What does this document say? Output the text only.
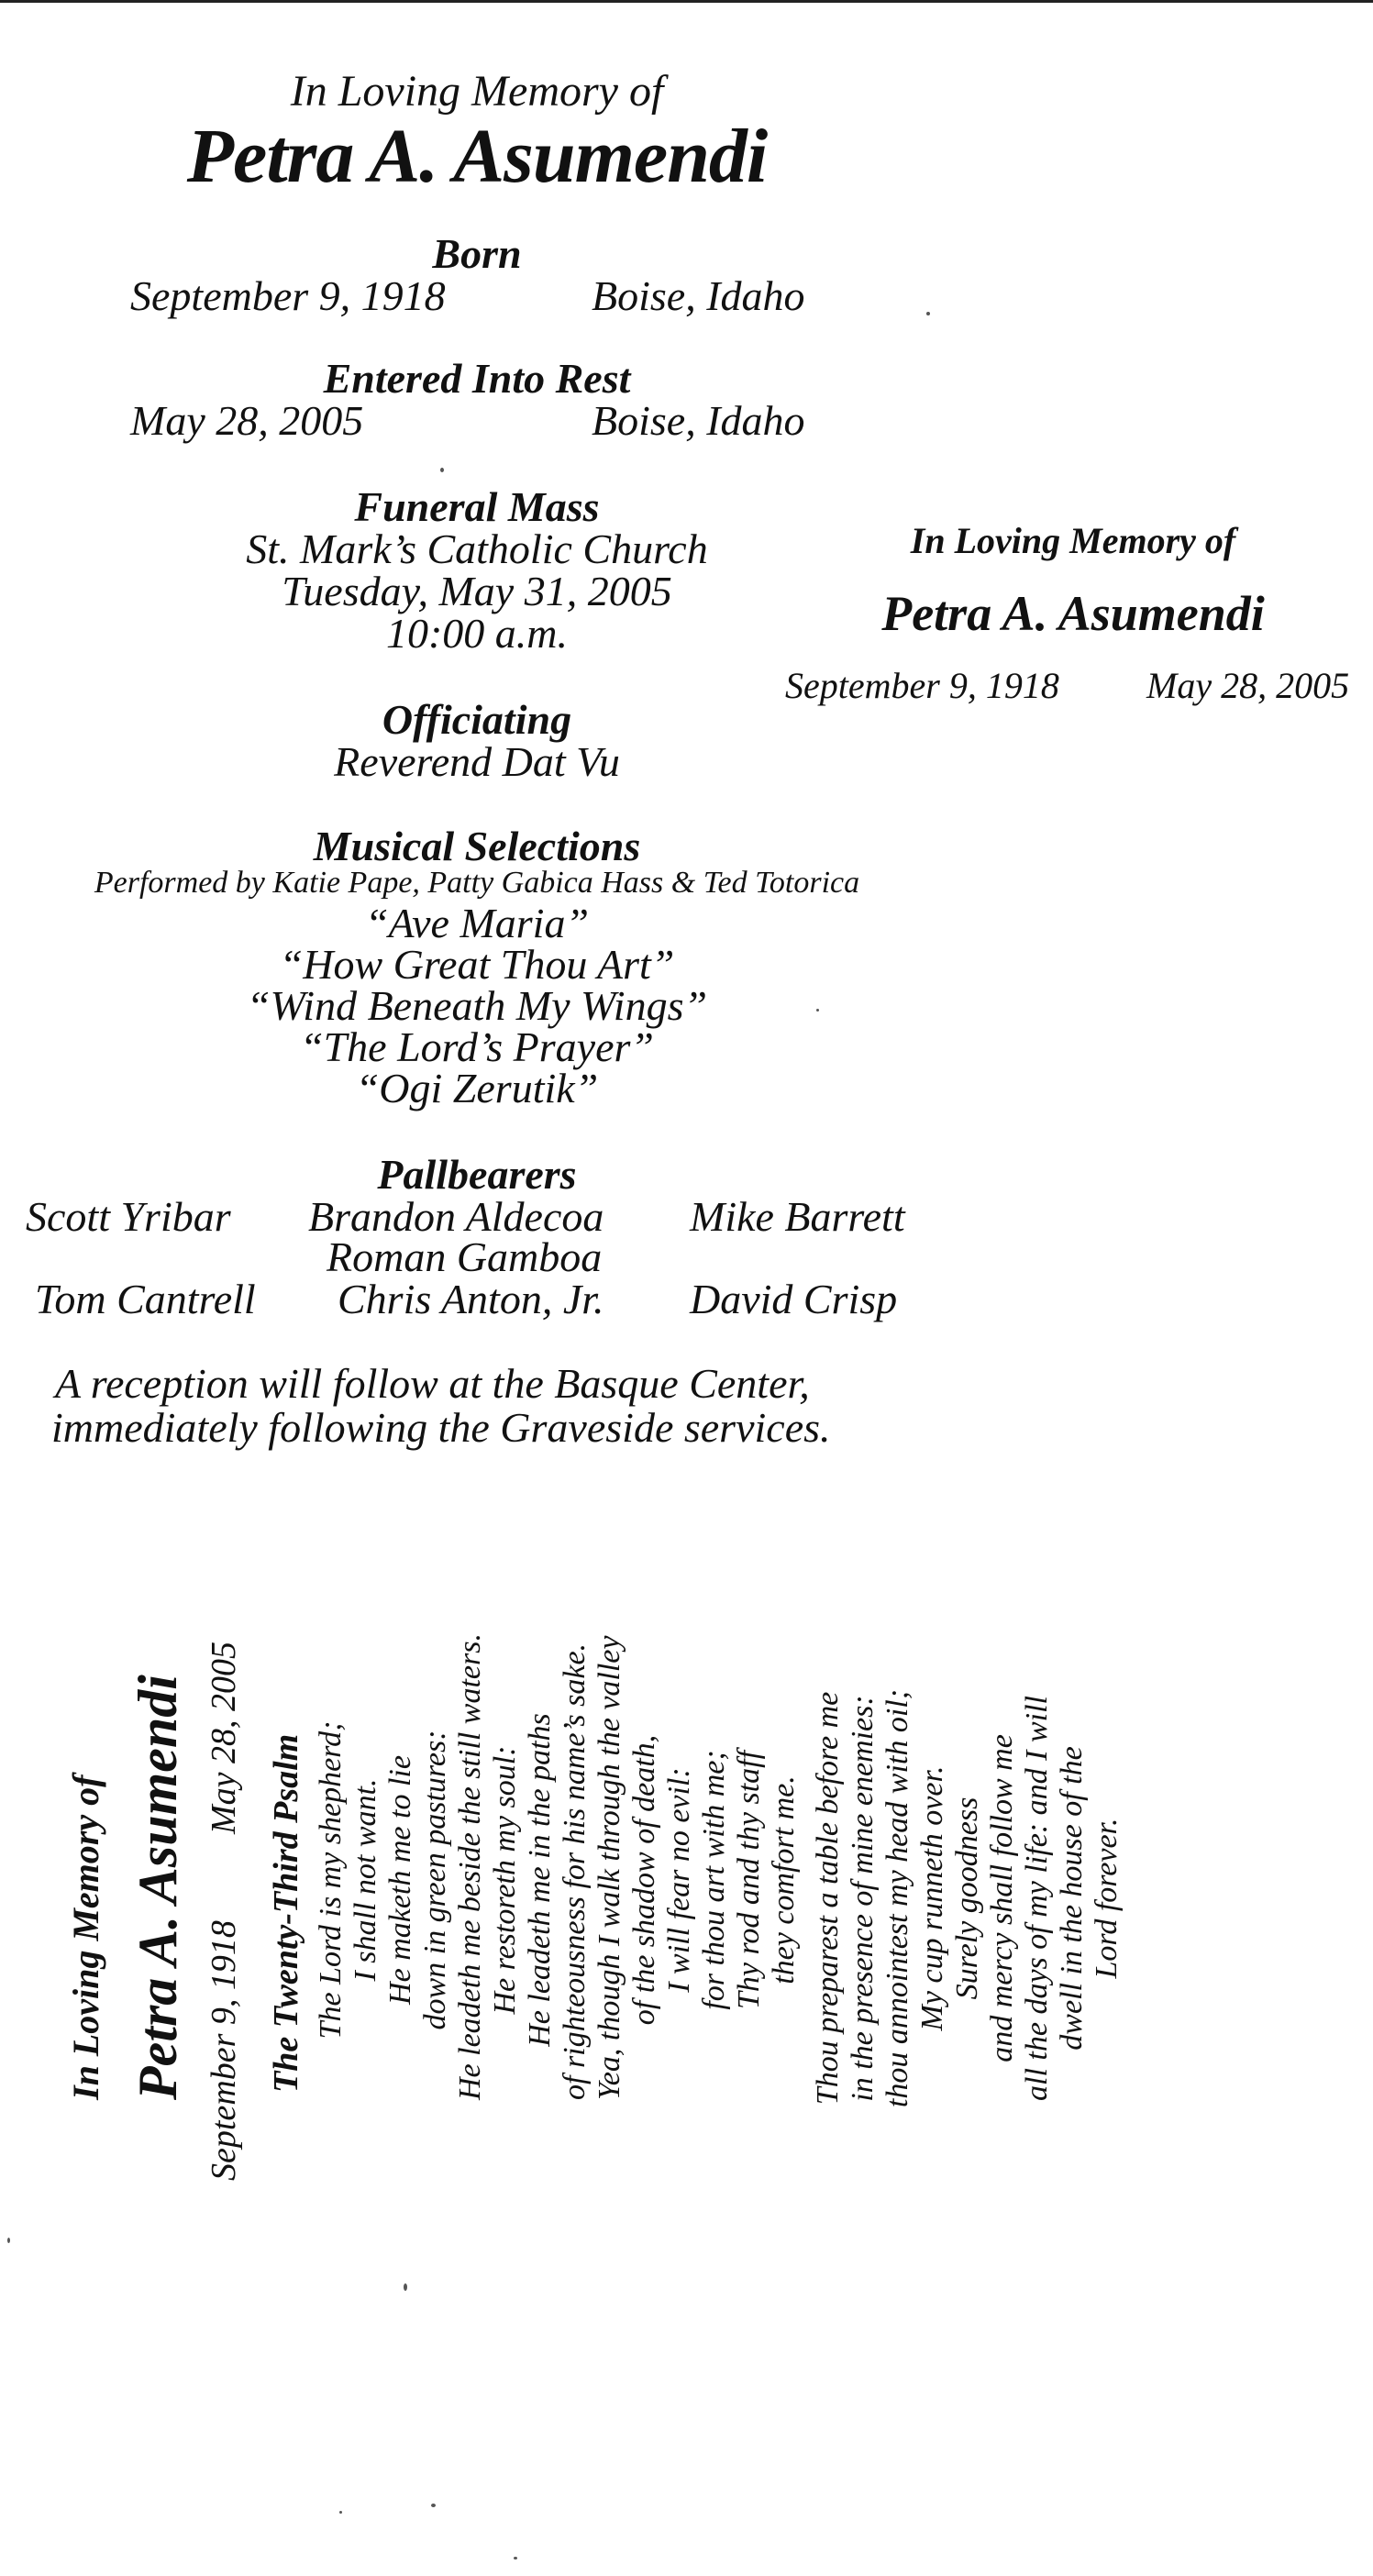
In Loving Memory of
Petra A. Asumendi
Born
September 9, 1918	Boise, Idaho
Entered Into Rest
May 28, 2005	Boise, Idaho
Funeral Mass
St. Mark’s Catholic Church
Tuesday, May 31, 2005
10:00 a.m.
Officiating
Reverend Dat Vu
Musical Selections
Performed by Katie Pape, Patty Gabica Hass & Ted Totorica
“Ave Maria”
“How Great Thou Art”
“Wind Beneath My Wings”
“The Lord’s Prayer”
“Ogi Zerutik”
Pallbearers
Scott Yribar Brandon Aldecoa Mike Barrett
Roman Gamboa
Tom Cantrell Chris Anton, Jr. David Crisp
A reception will follow at the Basque Center,
immediately following the Graveside services.
In Loving Memory of
Petra A. Asumendi
September 9, 1918 May 28, 2005
In Loving Memory of Petra A. Asumendi September 9, 1918
May 28, 2005 The Twenty-Third Psalm The Lord is my shepherd; I shall not want. He maketh me to lie down in green pastures: He leadeth me beside the still waters. He restoreth my soul: He leadeth me in the paths of righteousness for his name’s sake. Yea, though I walk through the valley of the shadow of death, I will fear no evil: for thou art with me; Thy rod and thy staff they comfort me. Thou preparest a table before me in the presence of mine enemies: thou annointest my head with oil; My cup runneth over. Surely goodness and mercy shall follow me all the days of my life: and I will dwell in the house of the Lord forever.
